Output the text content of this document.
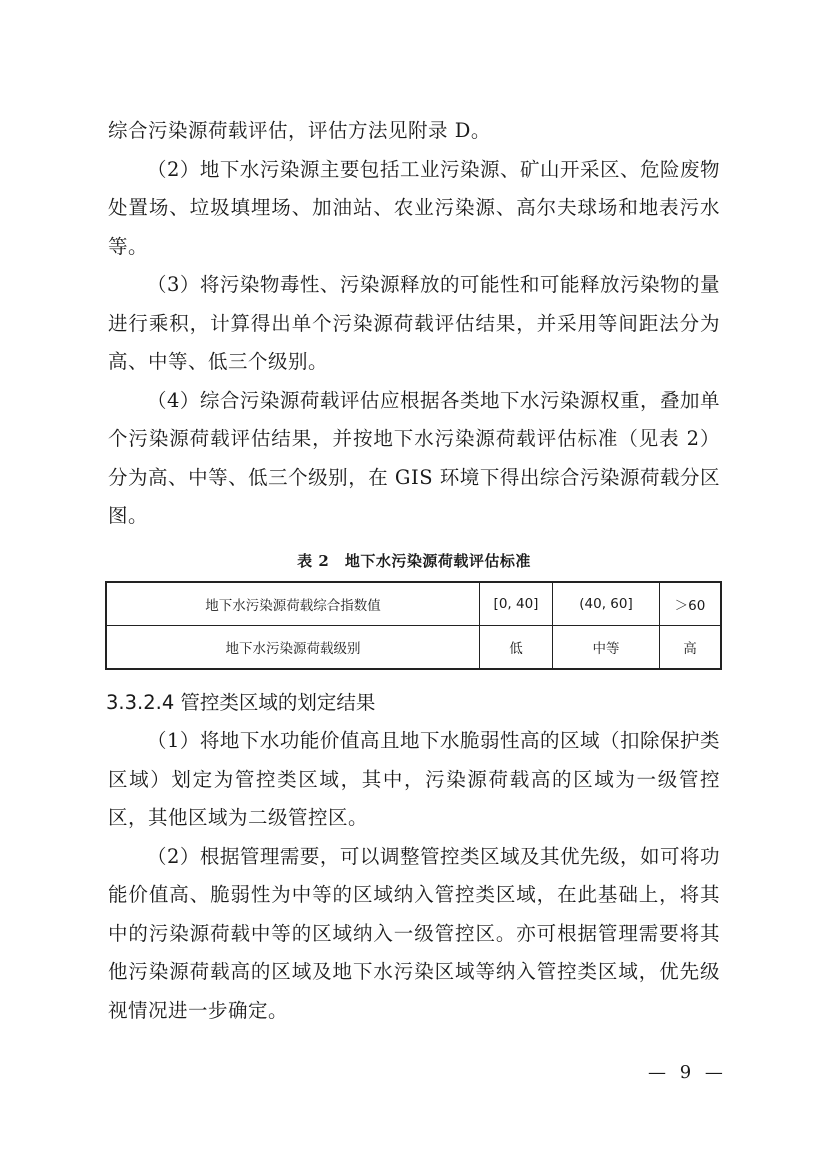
综合污染源荷载评估，评估方法见附录 D。

（2）地下水污染源主要包括工业污染源、矿山开采区、危险废物处置场、垃圾填埋场、加油站、农业污染源、高尔夫球场和地表污水等。

（3）将污染物毒性、污染源释放的可能性和可能释放污染物的量进行乘积，计算得出单个污染源荷载评估结果，并采用等间距法分为高、中等、低三个级别。

（4）综合污染源荷载评估应根据各类地下水污染源权重，叠加单个污染源荷载评估结果，并按地下水污染源荷载评估标准（见表 2）分为高、中等、低三个级别，在 GIS 环境下得出综合污染源荷载分区图。

表 2　地下水污染源荷载评估标准
地下水污染源荷载综合指数值	[0, 40]	(40, 60]	＞60
地下水污染源荷载级别	低	中等	高
3.3.2.4 管控类区域的划定结果

（1）将地下水功能价值高且地下水脆弱性高的区域（扣除保护类区域）划定为管控类区域，其中，污染源荷载高的区域为一级管控区，其他区域为二级管控区。

（2）根据管理需要，可以调整管控类区域及其优先级，如可将功能价值高、脆弱性为中等的区域纳入管控类区域，在此基础上，将其中的污染源荷载中等的区域纳入一级管控区。亦可根据管理需要将其他污染源荷载高的区域及地下水污染区域等纳入管控类区域，优先级视情况进一步确定。

— 9 —
